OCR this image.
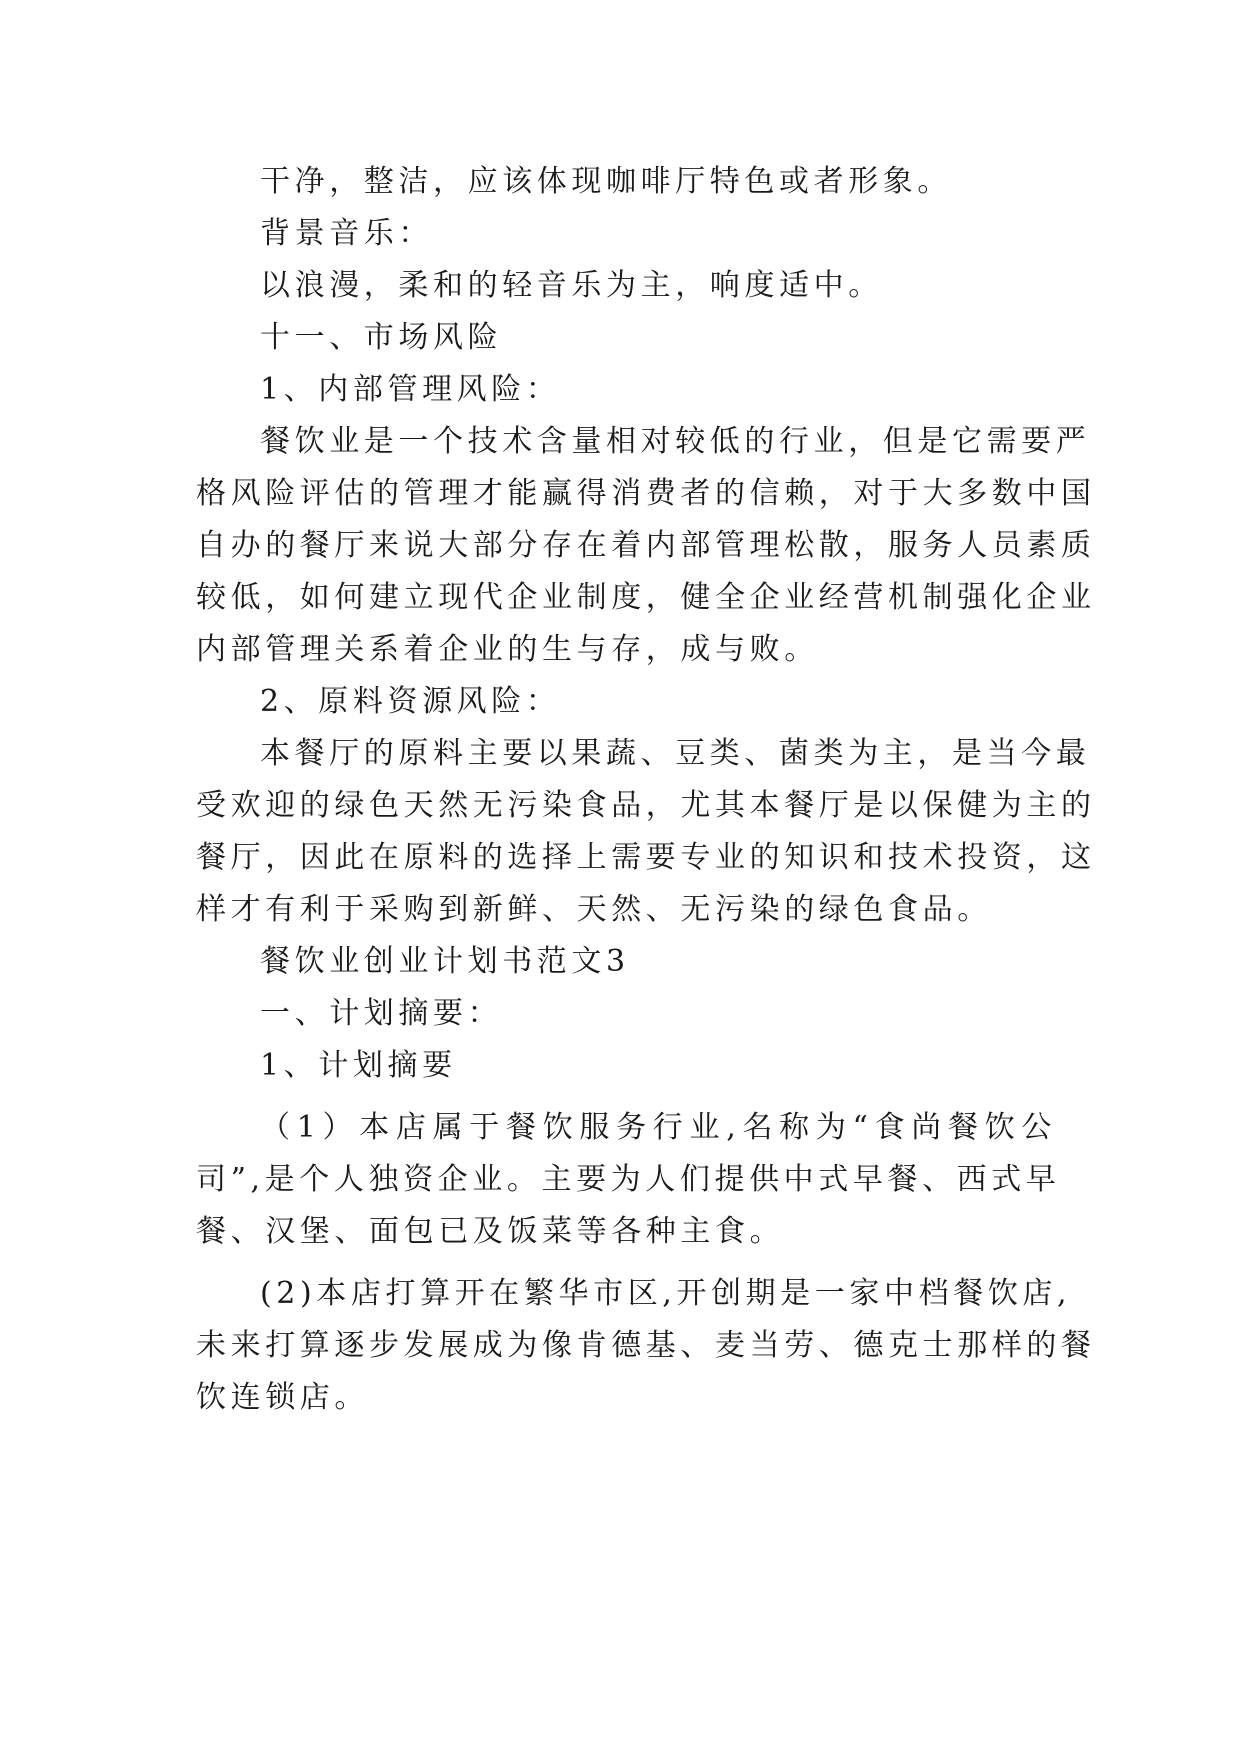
干净，整洁，应该体现咖啡厅特色或者形象。

背景音乐：

以浪漫，柔和的轻音乐为主，响度适中。

十一、市场风险

1、内部管理风险：

餐饮业是一个技术含量相对较低的行业，但是它需要严

格风险评估的管理才能赢得消费者的信赖，对于大多数中国

自办的餐厅来说大部分存在着内部管理松散，服务人员素质

较低，如何建立现代企业制度，健全企业经营机制强化企业

内部管理关系着企业的生与存，成与败。

2、原料资源风险：

本餐厅的原料主要以果蔬、豆类、菌类为主，是当今最

受欢迎的绿色天然无污染食品，尤其本餐厅是以保健为主的

餐厅，因此在原料的选择上需要专业的知识和技术投资，这

样才有利于采购到新鲜、天然、无污染的绿色食品。

餐饮业创业计划书范文3

一、计划摘要：

1、计划摘要

（1）本店属于餐饮服务行业,名称为“食尚餐饮公

司”,是个人独资企业。主要为人们提供中式早餐、西式早

餐、汉堡、面包已及饭菜等各种主食。

(2)本店打算开在繁华市区,开创期是一家中档餐饮店,

未来打算逐步发展成为像肯德基、麦当劳、德克士那样的餐

饮连锁店。
